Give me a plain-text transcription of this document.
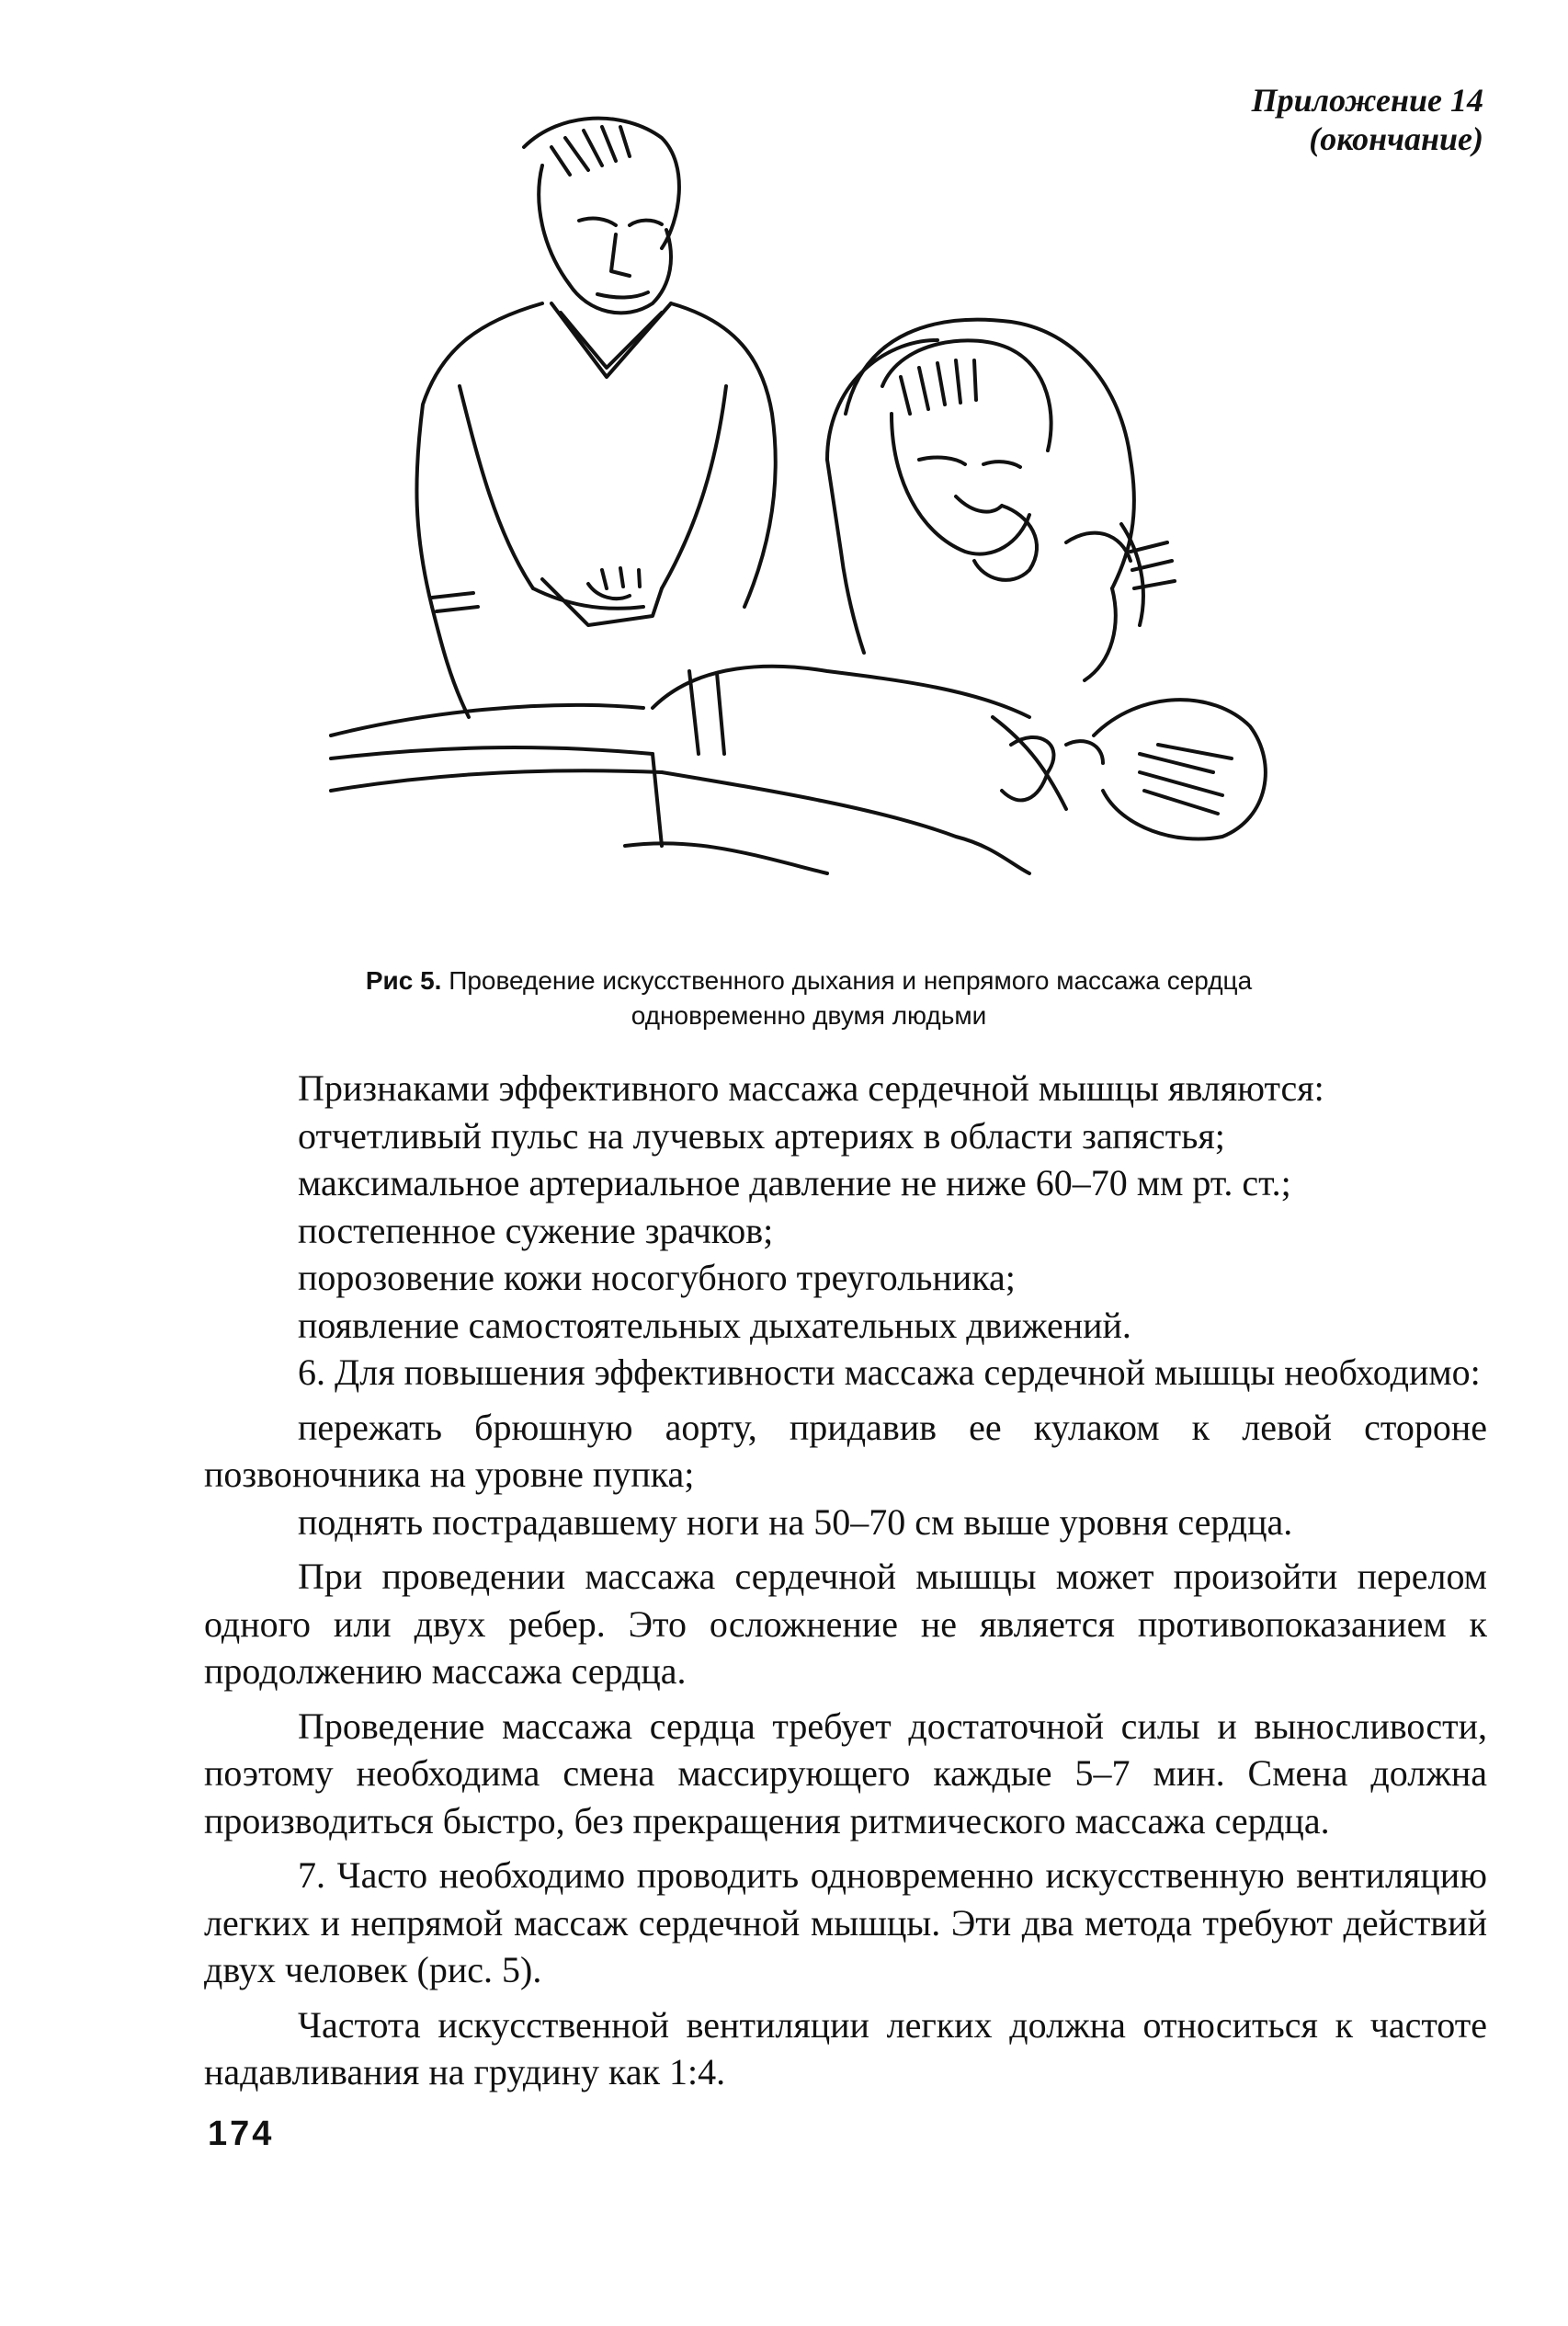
Приложение 14
(окончание)
Рис 5. Проведение искусственного дыхания и непрямого массажа сердца одновременно двумя людьми

Признаками эффективного массажа сердечной мышцы являются:

отчетливый пульс на лучевых артериях в области запястья;

максимальное артериальное давление не ниже 60–70 мм рт. ст.;

постепенное сужение зрачков;

порозовение кожи носогубного треугольника;

появление самостоятельных дыхательных движений.

6. Для повышения эффективности массажа сердечной мышцы необходимо:

пережать брюшную аорту, придавив ее кулаком к левой стороне позвоночника на уровне пупка;

поднять пострадавшему ноги на 50–70 см выше уровня сердца.

При проведении массажа сердечной мышцы может произойти перелом одного или двух ребер. Это осложнение не является противопоказанием к продолжению массажа сердца.

Проведение массажа сердца требует достаточной силы и выносливости, поэтому необходима смена массирующего каждые 5–7 мин. Смена должна производиться быстро, без прекращения ритмического массажа сердца.

7. Часто необходимо проводить одновременно искусственную вентиляцию легких и непрямой массаж сердечной мышцы. Эти два метода требуют действий двух человек (рис. 5).

Частота искусственной вентиляции легких должна относиться к частоте надавливания на грудину как 1:4.

174
